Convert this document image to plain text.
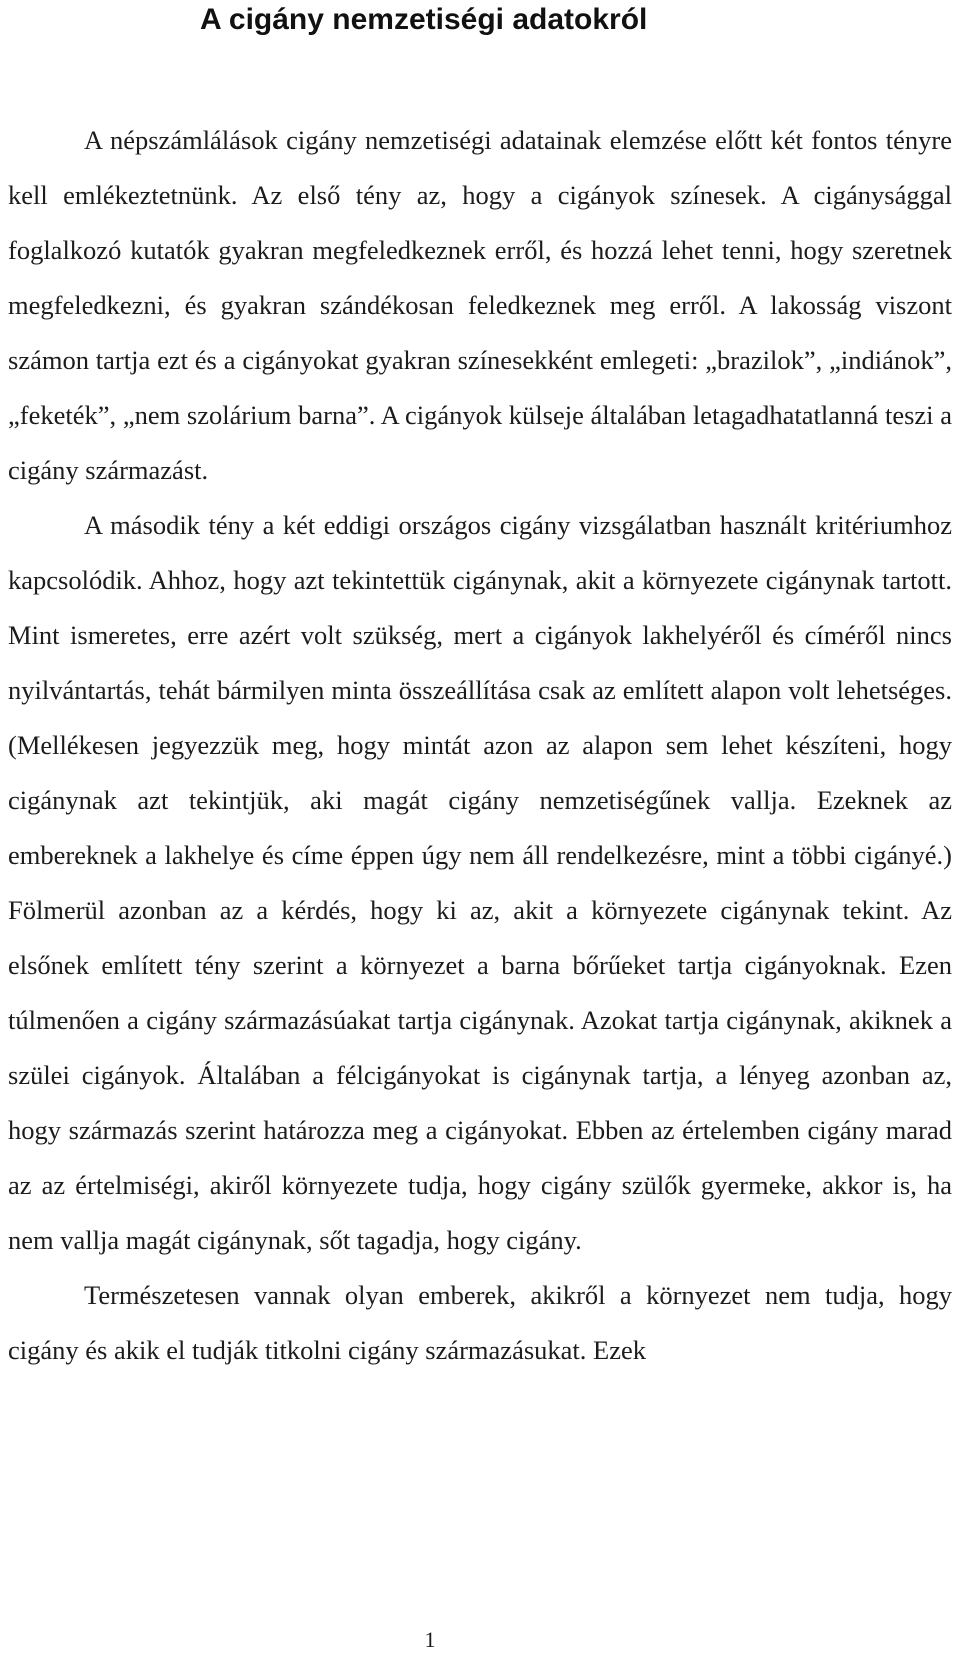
A cigány nemzetiségi adatokról

A népszámlálások cigány nemzetiségi adatainak elemzése előtt két fontos tényre kell emlékeztetnünk. Az első tény az, hogy a cigányok színesek. A cigánysággal foglalkozó kutatók gyakran megfeledkeznek erről, és hozzá lehet tenni, hogy szeretnek megfeledkezni, és gyakran szándékosan feledkeznek meg erről. A lakosság viszont számon tartja ezt és a cigányokat gyakran színesekként emlegeti: „brazilok”, „indiánok”, „feketék”, „nem szolárium barna”. A cigányok külseje általában letagadhatatlanná teszi a cigány származást.

A második tény a két eddigi országos cigány vizsgálatban használt kritériumhoz kapcsolódik. Ahhoz, hogy azt tekintettük cigánynak, akit a környezete cigánynak tartott. Mint ismeretes, erre azért volt szükség, mert a cigányok lakhelyéről és címéről nincs nyilvántartás, tehát bármilyen minta összeállítása csak az említett alapon volt lehetséges. (Mellékesen jegyezzük meg, hogy mintát azon az alapon sem lehet készíteni, hogy cigánynak azt tekintjük, aki magát cigány nemzetiségűnek vallja. Ezeknek az embereknek a lakhelye és címe éppen úgy nem áll rendelkezésre, mint a többi cigányé.) Fölmerül azonban az a kérdés, hogy ki az, akit a környezete cigánynak tekint. Az elsőnek említett tény szerint a környezet a barna bőrűeket tartja cigányoknak. Ezen túlmenően a cigány származásúakat tartja cigánynak. Azokat tartja cigánynak, akiknek a szülei cigányok. Általában a félcigányokat is cigánynak tartja, a lényeg azonban az, hogy származás szerint határozza meg a cigányokat. Ebben az értelemben cigány marad az az értelmiségi, akiről környezete tudja, hogy cigány szülők gyermeke, akkor is, ha nem vallja magát cigánynak, sőt tagadja, hogy cigány.

Természetesen vannak olyan emberek, akikről a környezet nem tudja, hogy cigány és akik el tudják titkolni cigány származásukat. Ezek

1
